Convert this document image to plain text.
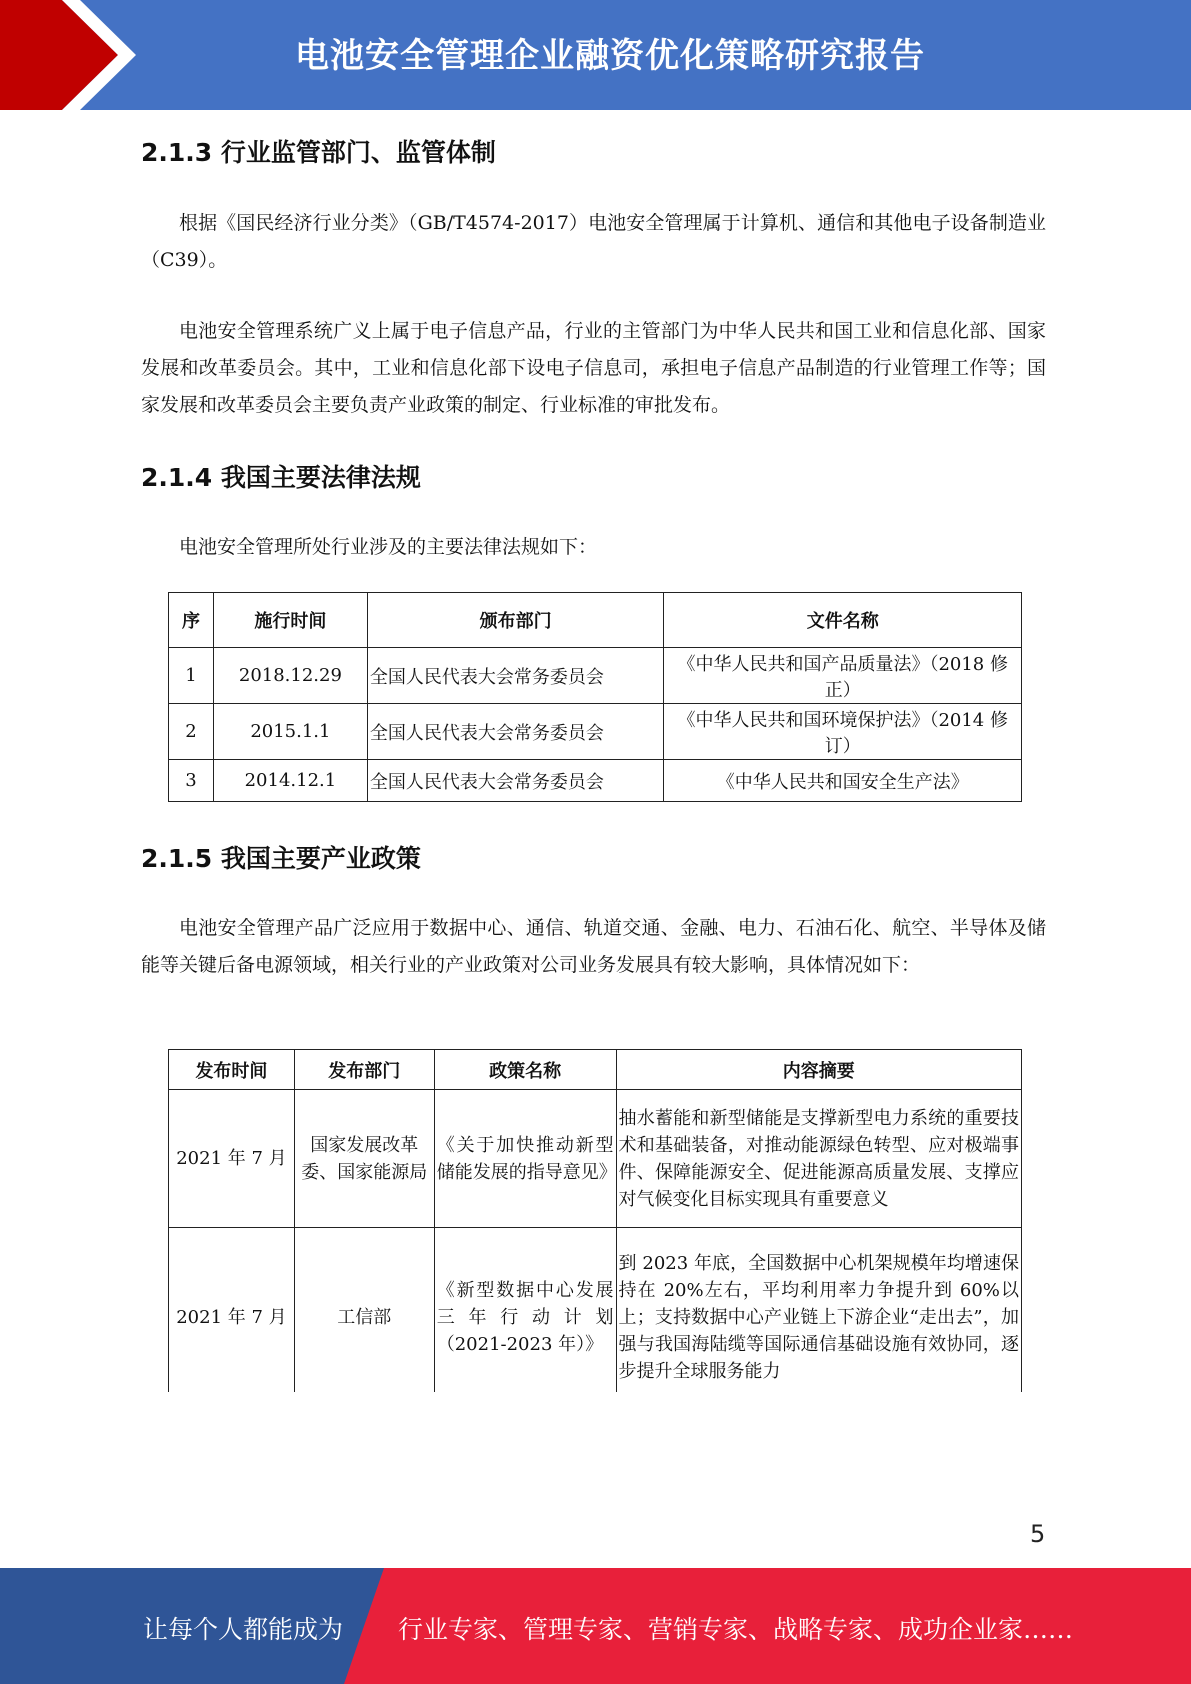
电池安全管理企业融资优化策略研究报告
2.1.3 行业监管部门、监管体制

根据《国民经济行业分类》（GB/T4574-2017）电池安全管理属于计算机、通信和其他电子设备制造业（C39）。

电池安全管理系统广义上属于电子信息产品，行业的主管部门为中华人民共和国工业和信息化部、国家发展和改革委员会。其中，工业和信息化部下设电子信息司，承担电子信息产品制造的行业管理工作等；国家发展和改革委员会主要负责产业政策的制定、行业标准的审批发布。

2.1.4 我国主要法律法规

电池安全管理所处行业涉及的主要法律法规如下：

序	施行时间	颁布部门	文件名称
1	2018.12.29	全国人民代表大会常务委员会	《中华人民共和国产品质量法》（2018 修正）
2	2015.1.1	全国人民代表大会常务委员会	《中华人民共和国环境保护法》（2014 修订）
3	2014.12.1	全国人民代表大会常务委员会	《中华人民共和国安全生产法》
2.1.5 我国主要产业政策

电池安全管理产品广泛应用于数据中心、通信、轨道交通、金融、电力、石油石化、航空、半导体及储能等关键后备电源领域，相关行业的产业政策对公司业务发展具有较大影响，具体情况如下：

发布时间	发布部门	政策名称	内容摘要
2021 年 7 月	国家发展改革委、国家能源局	《关于加快推动新型储能发展的指导意见》	抽水蓄能和新型储能是支撑新型电力系统的重要技术和基础装备，对推动能源绿色转型、应对极端事件、保障能源安全、促进能源高质量发展、支撑应对气候变化目标实现具有重要意义
2021 年 7 月	工信部	《新型数据中心发展三年行动计划（2021-2023 年）》	到 2023 年底，全国数据中心机架规模年均增速保持在 20%左右，平均利用率力争提升到 60%以上；支持数据中心产业链上下游企业“走出去”，加强与我国海陆缆等国际通信基础设施有效协同，逐步提升全球服务能力
5
让每个人都能成为 行业专家、管理专家、营销专家、战略专家、成功企业家……
